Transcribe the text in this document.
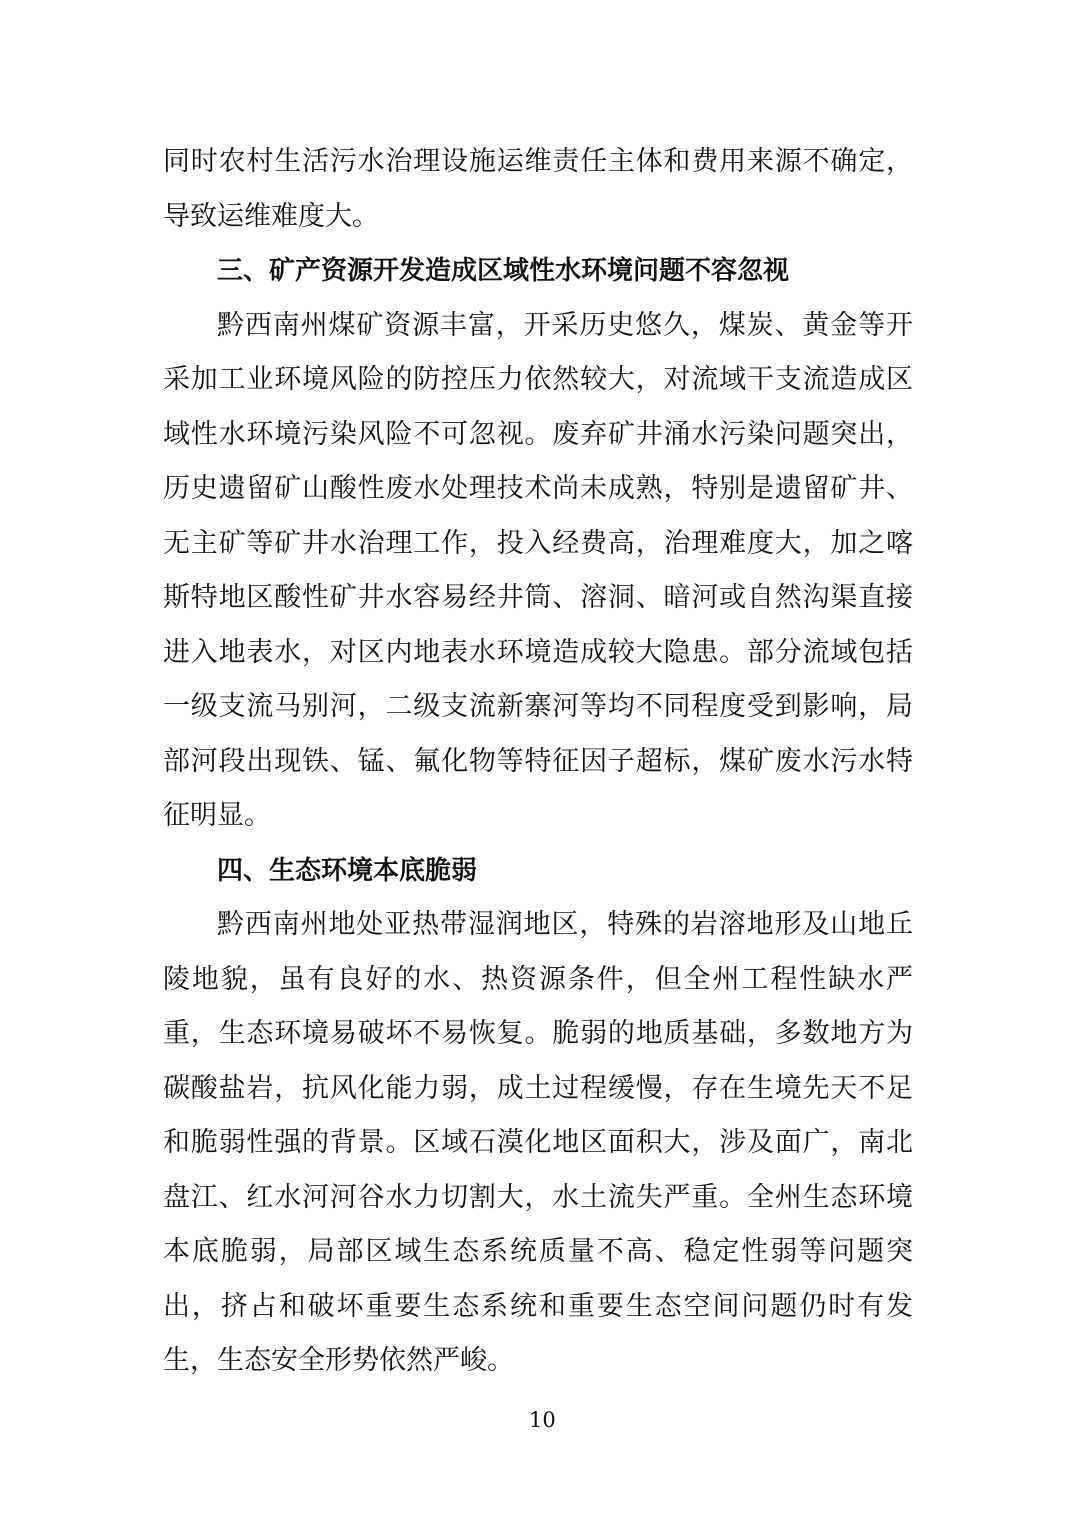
同时农村生活污水治理设施运维责任主体和费用来源不确定，导致运维难度大。

三、矿产资源开发造成区域性水环境问题不容忽视

黔西南州煤矿资源丰富，开采历史悠久，煤炭、黄金等开采加工业环境风险的防控压力依然较大，对流域干支流造成区域性水环境污染风险不可忽视。废弃矿井涌水污染问题突出，历史遗留矿山酸性废水处理技术尚未成熟，特别是遗留矿井、无主矿等矿井水治理工作，投入经费高，治理难度大，加之喀斯特地区酸性矿井水容易经井筒、溶洞、暗河或自然沟渠直接进入地表水，对区内地表水环境造成较大隐患。部分流域包括一级支流马别河，二级支流新寨河等均不同程度受到影响，局部河段出现铁、锰、氟化物等特征因子超标，煤矿废水污水特征明显。

四、生态环境本底脆弱

黔西南州地处亚热带湿润地区，特殊的岩溶地形及山地丘陵地貌，虽有良好的水、热资源条件，但全州工程性缺水严重，生态环境易破坏不易恢复。脆弱的地质基础，多数地方为碳酸盐岩，抗风化能力弱，成土过程缓慢，存在生境先天不足和脆弱性强的背景。区域石漠化地区面积大，涉及面广，南北盘江、红水河河谷水力切割大，水土流失严重。全州生态环境本底脆弱，局部区域生态系统质量不高、稳定性弱等问题突出，挤占和破坏重要生态系统和重要生态空间问题仍时有发生，生态安全形势依然严峻。

10
